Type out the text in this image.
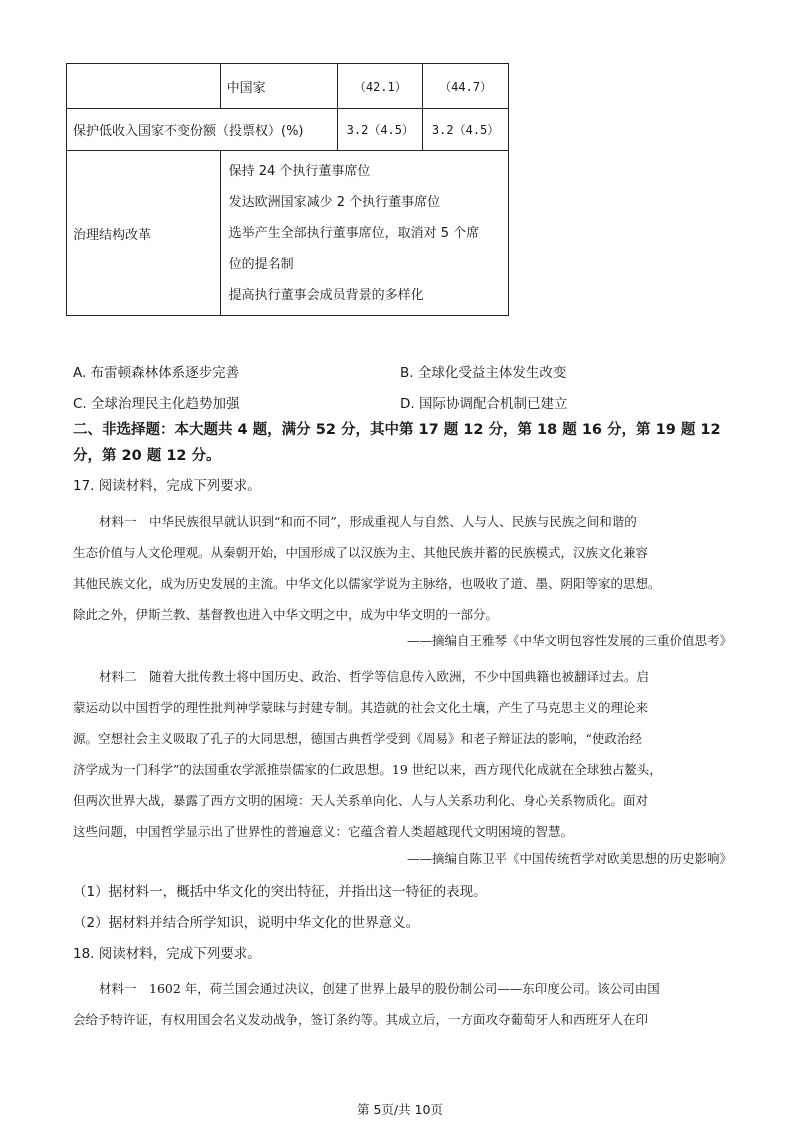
	中国家	（42.1）	（44.7）
保护低收入国家不变份额（投票权）(%)		3.2（4.5）	3.2（4.5）
治理结构改革	保持 24 个执行董事席位
发达欧洲国家减少 2 个执行董事席位
选举产生全部执行董事席位，取消对 5 个席
位的提名制
提高执行董事会成员背景的多样化		
A. 布雷顿森林体系逐步完善	B. 全球化受益主体发生改变
C. 全球治理民主化趋势加强	D. 国际协调配合机制已建立
二、非选择题：本大题共 4 题，满分 52 分，其中第 17 题 12 分，第 18 题 16 分，第 19 题 12
分，第 20 题 12 分。
17. 阅读材料，完成下列要求。
材料一　中华民族很早就认识到“和而不同”，形成重视人与自然、人与人、民族与民族之间和谐的
生态价值与人文伦理观。从秦朝开始，中国形成了以汉族为主、其他民族并蓄的民族模式，汉族文化兼容
其他民族文化，成为历史发展的主流。中华文化以儒家学说为主脉络，也吸收了道、墨、阴阳等家的思想。
除此之外，伊斯兰教、基督教也进入中华文明之中，成为中华文明的一部分。
——摘编自王雅琴《中华文明包容性发展的三重价值思考》
材料二　随着大批传教士将中国历史、政治、哲学等信息传入欧洲，不少中国典籍也被翻译过去。启
蒙运动以中国哲学的理性批判神学蒙昧与封建专制。其造就的社会文化土壤，产生了马克思主义的理论来
源。空想社会主义吸取了孔子的大同思想，德国古典哲学受到《周易》和老子辩证法的影响，“使政治经
济学成为一门科学”的法国重农学派推崇儒家的仁政思想。19 世纪以来，西方现代化成就在全球独占鳌头，
但两次世界大战，暴露了西方文明的困境：天人关系单向化、人与人关系功利化、身心关系物质化。面对
这些问题，中国哲学显示出了世界性的普遍意义：它蕴含着人类超越现代文明困境的智慧。
——摘编自陈卫平《中国传统哲学对欧美思想的历史影响》
（1）据材料一，概括中华文化的突出特征，并指出这一特征的表现。
（2）据材料并结合所学知识，说明中华文化的世界意义。
18. 阅读材料，完成下列要求。
材料一　1602 年，荷兰国会通过决议，创建了世界上最早的股份制公司——东印度公司。该公司由国
会给予特许证，有权用国会名义发动战争，签订条约等。其成立后，一方面攻夺葡萄牙人和西班牙人在印
第 5页/共 10页
